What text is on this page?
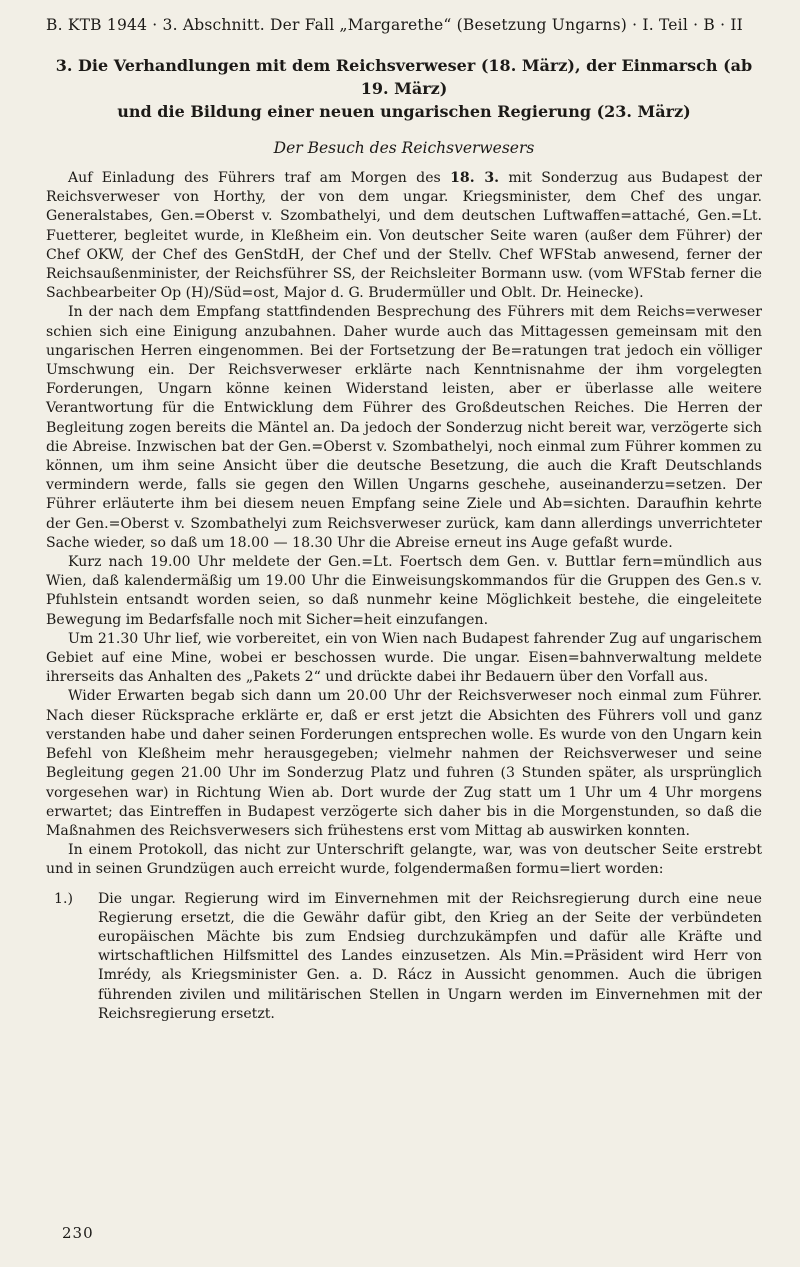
B. KTB 1944 · 3. Abschnitt. Der Fall „Margarethe“ (Besetzung Ungarns) · I. Teil · B · II
3. Die Verhandlungen mit dem Reichsverweser (18. März), der Einmarsch (ab 19. März)
und die Bildung einer neuen ungarischen Regierung (23. März)
Der Besuch des Reichsverwesers

Auf Einladung des Führers traf am Morgen des 18. 3. mit Sonderzug aus Budapest der Reichsverweser von Horthy, der von dem ungar. Kriegsminister, dem Chef des ungar. Generalstabes, Gen.=Oberst v. Szombathelyi, und dem deutschen Luftwaffen=attaché, Gen.=Lt. Fuetterer, begleitet wurde, in Kleßheim ein. Von deutscher Seite waren (außer dem Führer) der Chef OKW, der Chef des GenStdH, der Chef und der Stellv. Chef WFStab anwesend, ferner der Reichsaußenminister, der Reichsführer SS, der Reichsleiter Bormann usw. (vom WFStab ferner die Sachbearbeiter Op (H)/Süd=ost, Major d. G. Brudermüller und Oblt. Dr. Heinecke).

In der nach dem Empfang stattfindenden Besprechung des Führers mit dem Reichs=verweser schien sich eine Einigung anzubahnen. Daher wurde auch das Mittagessen gemeinsam mit den ungarischen Herren eingenommen. Bei der Fortsetzung der Be=ratungen trat jedoch ein völliger Umschwung ein. Der Reichsverweser erklärte nach Kenntnisnahme der ihm vorgelegten Forderungen, Ungarn könne keinen Widerstand leisten, aber er überlasse alle weitere Verantwortung für die Entwicklung dem Führer des Großdeutschen Reiches. Die Herren der Begleitung zogen bereits die Mäntel an. Da jedoch der Sonderzug nicht bereit war, verzögerte sich die Abreise. Inzwischen bat der Gen.=Oberst v. Szombathelyi, noch einmal zum Führer kommen zu können, um ihm seine Ansicht über die deutsche Besetzung, die auch die Kraft Deutschlands vermindern werde, falls sie gegen den Willen Ungarns geschehe, auseinanderzu=setzen. Der Führer erläuterte ihm bei diesem neuen Empfang seine Ziele und Ab=sichten. Daraufhin kehrte der Gen.=Oberst v. Szombathelyi zum Reichsverweser zurück, kam dann allerdings unverrichteter Sache wieder, so daß um 18.00 — 18.30 Uhr die Abreise erneut ins Auge gefaßt wurde.

Kurz nach 19.00 Uhr meldete der Gen.=Lt. Foertsch dem Gen. v. Buttlar fern=mündlich aus Wien, daß kalendermäßig um 19.00 Uhr die Einweisungskommandos für die Gruppen des Gen.s v. Pfuhlstein entsandt worden seien, so daß nunmehr keine Möglichkeit bestehe, die eingeleitete Bewegung im Bedarfsfalle noch mit Sicher=heit einzufangen.

Um 21.30 Uhr lief, wie vorbereitet, ein von Wien nach Budapest fahrender Zug auf ungarischem Gebiet auf eine Mine, wobei er beschossen wurde. Die ungar. Eisen=bahnverwaltung meldete ihrerseits das Anhalten des „Pakets 2“ und drückte dabei ihr Bedauern über den Vorfall aus.

Wider Erwarten begab sich dann um 20.00 Uhr der Reichsverweser noch einmal zum Führer. Nach dieser Rücksprache erklärte er, daß er erst jetzt die Absichten des Führers voll und ganz verstanden habe und daher seinen Forderungen entsprechen wolle. Es wurde von den Ungarn kein Befehl von Kleßheim mehr herausgegeben; vielmehr nahmen der Reichsverweser und seine Begleitung gegen 21.00 Uhr im Sonderzug Platz und fuhren (3 Stunden später, als ursprünglich vorgesehen war) in Richtung Wien ab. Dort wurde der Zug statt um 1 Uhr um 4 Uhr morgens erwartet; das Eintreffen in Budapest verzögerte sich daher bis in die Morgenstunden, so daß die Maßnahmen des Reichsverwesers sich frühestens erst vom Mittag ab auswirken konnten.

In einem Protokoll, das nicht zur Unterschrift gelangte, war, was von deutscher Seite erstrebt und in seinen Grundzügen auch erreicht wurde, folgendermaßen formu=liert worden:

1.)	Die ungar. Regierung wird im Einvernehmen mit der Reichsregierung durch eine neue Regierung ersetzt, die die Gewähr dafür gibt, den Krieg an der Seite der verbündeten europäischen Mächte bis zum Endsieg durchzukämpfen und dafür alle Kräfte und wirtschaftlichen Hilfsmittel des Landes einzusetzen. Als Min.=Präsident wird Herr von Imrédy, als Kriegsminister Gen. a. D. Rácz in Aussicht genommen. Auch die übrigen führenden zivilen und militärischen Stellen in Ungarn werden im Einvernehmen mit der Reichsregierung ersetzt.
230
